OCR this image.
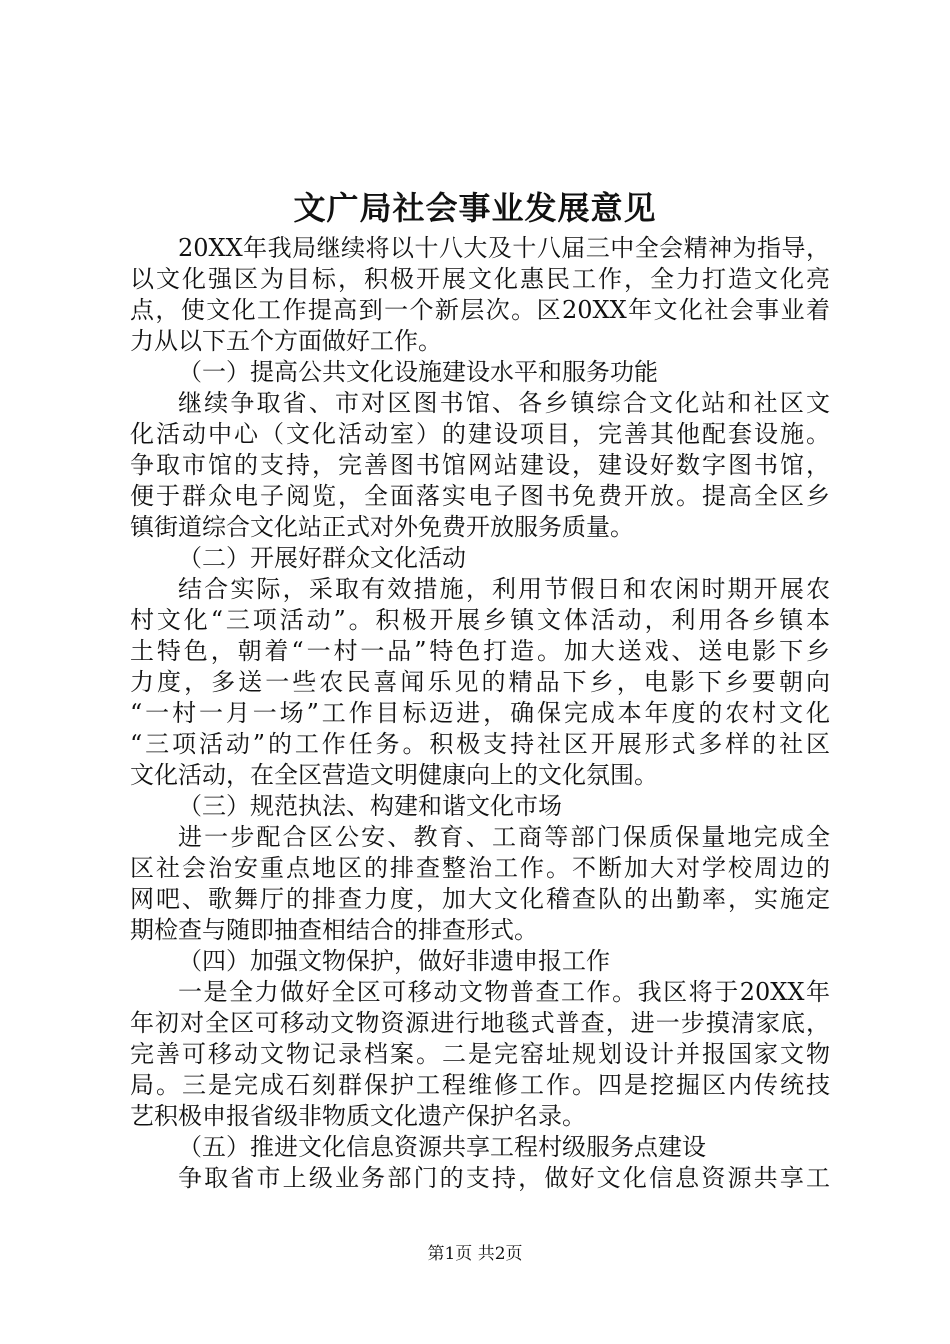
文广局社会事业发展意见
20XX年我局继续将以十八大及十八届三中全会精神为指导，
以文化强区为目标，积极开展文化惠民工作，全力打造文化亮
点，使文化工作提高到一个新层次。区20XX年文化社会事业着
力从以下五个方面做好工作。
（一）提高公共文化设施建设水平和服务功能
继续争取省、市对区图书馆、各乡镇综合文化站和社区文
化活动中心（文化活动室）的建设项目，完善其他配套设施。
争取市馆的支持，完善图书馆网站建设，建设好数字图书馆，
便于群众电子阅览，全面落实电子图书免费开放。提高全区乡
镇街道综合文化站正式对外免费开放服务质量。
（二）开展好群众文化活动
结合实际，采取有效措施，利用节假日和农闲时期开展农
村文化“三项活动”。积极开展乡镇文体活动，利用各乡镇本
土特色，朝着“一村一品”特色打造。加大送戏、送电影下乡
力度，多送一些农民喜闻乐见的精品下乡，电影下乡要朝向
“一村一月一场”工作目标迈进，确保完成本年度的农村文化
“三项活动”的工作任务。积极支持社区开展形式多样的社区
文化活动，在全区营造文明健康向上的文化氛围。
（三）规范执法、构建和谐文化市场
进一步配合区公安、教育、工商等部门保质保量地完成全
区社会治安重点地区的排查整治工作。不断加大对学校周边的
网吧、歌舞厅的排查力度，加大文化稽查队的出勤率，实施定
期检查与随即抽查相结合的排查形式。
（四）加强文物保护，做好非遗申报工作
一是全力做好全区可移动文物普查工作。我区将于20XX年
年初对全区可移动文物资源进行地毯式普查，进一步摸清家底，
完善可移动文物记录档案。二是完窑址规划设计并报国家文物
局。三是完成石刻群保护工程维修工作。四是挖掘区内传统技
艺积极申报省级非物质文化遗产保护名录。
（五）推进文化信息资源共享工程村级服务点建设
争取省市上级业务部门的支持，做好文化信息资源共享工
第1页 共2页
